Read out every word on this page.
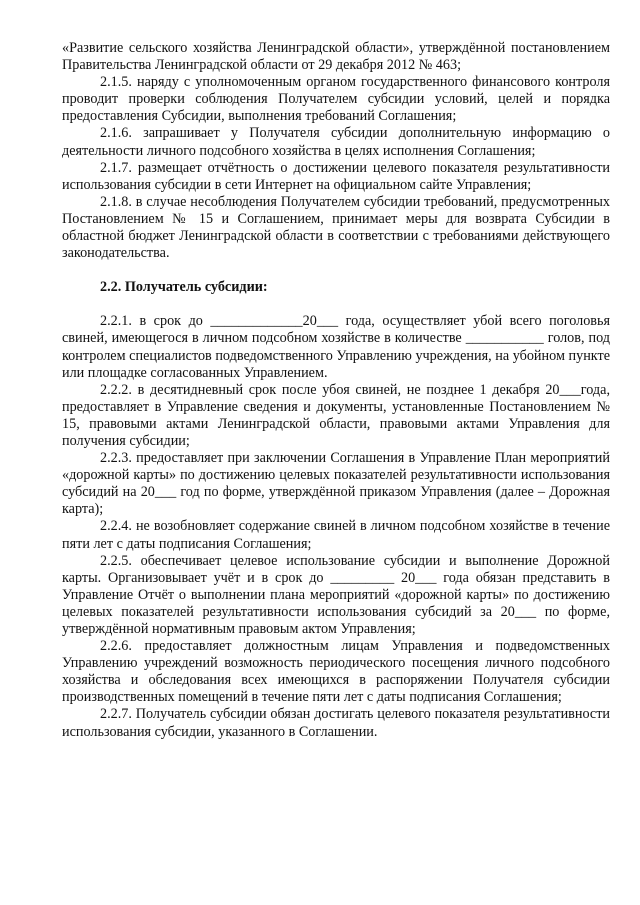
«Развитие сельского хозяйства Ленинградской области», утверждённой постановлением Правительства Ленинградской области от 29 декабря 2012 № 463;

2.1.5. наряду с уполномоченным органом государственного финансового контроля проводит проверки соблюдения Получателем субсидии условий, целей и порядка предоставления Субсидии, выполнения требований Соглашения;

2.1.6. запрашивает у Получателя субсидии дополнительную информацию о деятельности личного подсобного хозяйства в целях исполнения Соглашения;

2.1.7. размещает отчётность о достижении целевого показателя результативности использования субсидии в сети Интернет на официальном сайте Управления;

2.1.8. в случае несоблюдения Получателем субсидии требований, предусмотренных Постановлением № 15 и Соглашением, принимает меры для возврата Субсидии в областной бюджет Ленинградской области в соответствии с требованиями действующего законодательства.

2.2. Получатель субсидии:

2.2.1. в срок до _____________20___ года, осуществляет убой всего поголовья свиней, имеющегося в личном подсобном хозяйстве в количестве ___________ голов, под контролем специалистов подведомственного Управлению учреждения, на убойном пункте или площадке согласованных Управлением.

2.2.2. в десятидневный срок после убоя свиней, не позднее 1 декабря 20___года, предоставляет в Управление сведения и документы, установленные Постановлением № 15, правовыми актами Ленинградской области, правовыми актами Управления для получения субсидии;

2.2.3. предоставляет при заключении Соглашения в Управление План мероприятий «дорожной карты» по достижению целевых показателей результативности использования субсидий на 20___ год по форме, утверждённой приказом Управления (далее – Дорожная карта);

2.2.4. не возобновляет содержание свиней в личном подсобном хозяйстве в течение пяти лет с даты подписания Соглашения;

2.2.5. обеспечивает целевое использование субсидии и выполнение Дорожной карты. Организовывает учёт и в срок до _________ 20___ года обязан представить в Управление Отчёт о выполнении плана мероприятий «дорожной карты» по достижению целевых показателей результативности использования субсидий за 20___ по форме, утверждённой нормативным правовым актом Управления;

2.2.6. предоставляет должностным лицам Управления и подведомственных Управлению учреждений возможность периодического посещения личного подсобного хозяйства и обследования всех имеющихся в распоряжении Получателя субсидии производственных помещений в течение пяти лет с даты подписания Соглашения;

2.2.7. Получатель субсидии обязан достигать целевого показателя результативности использования субсидии, указанного в Соглашении.
